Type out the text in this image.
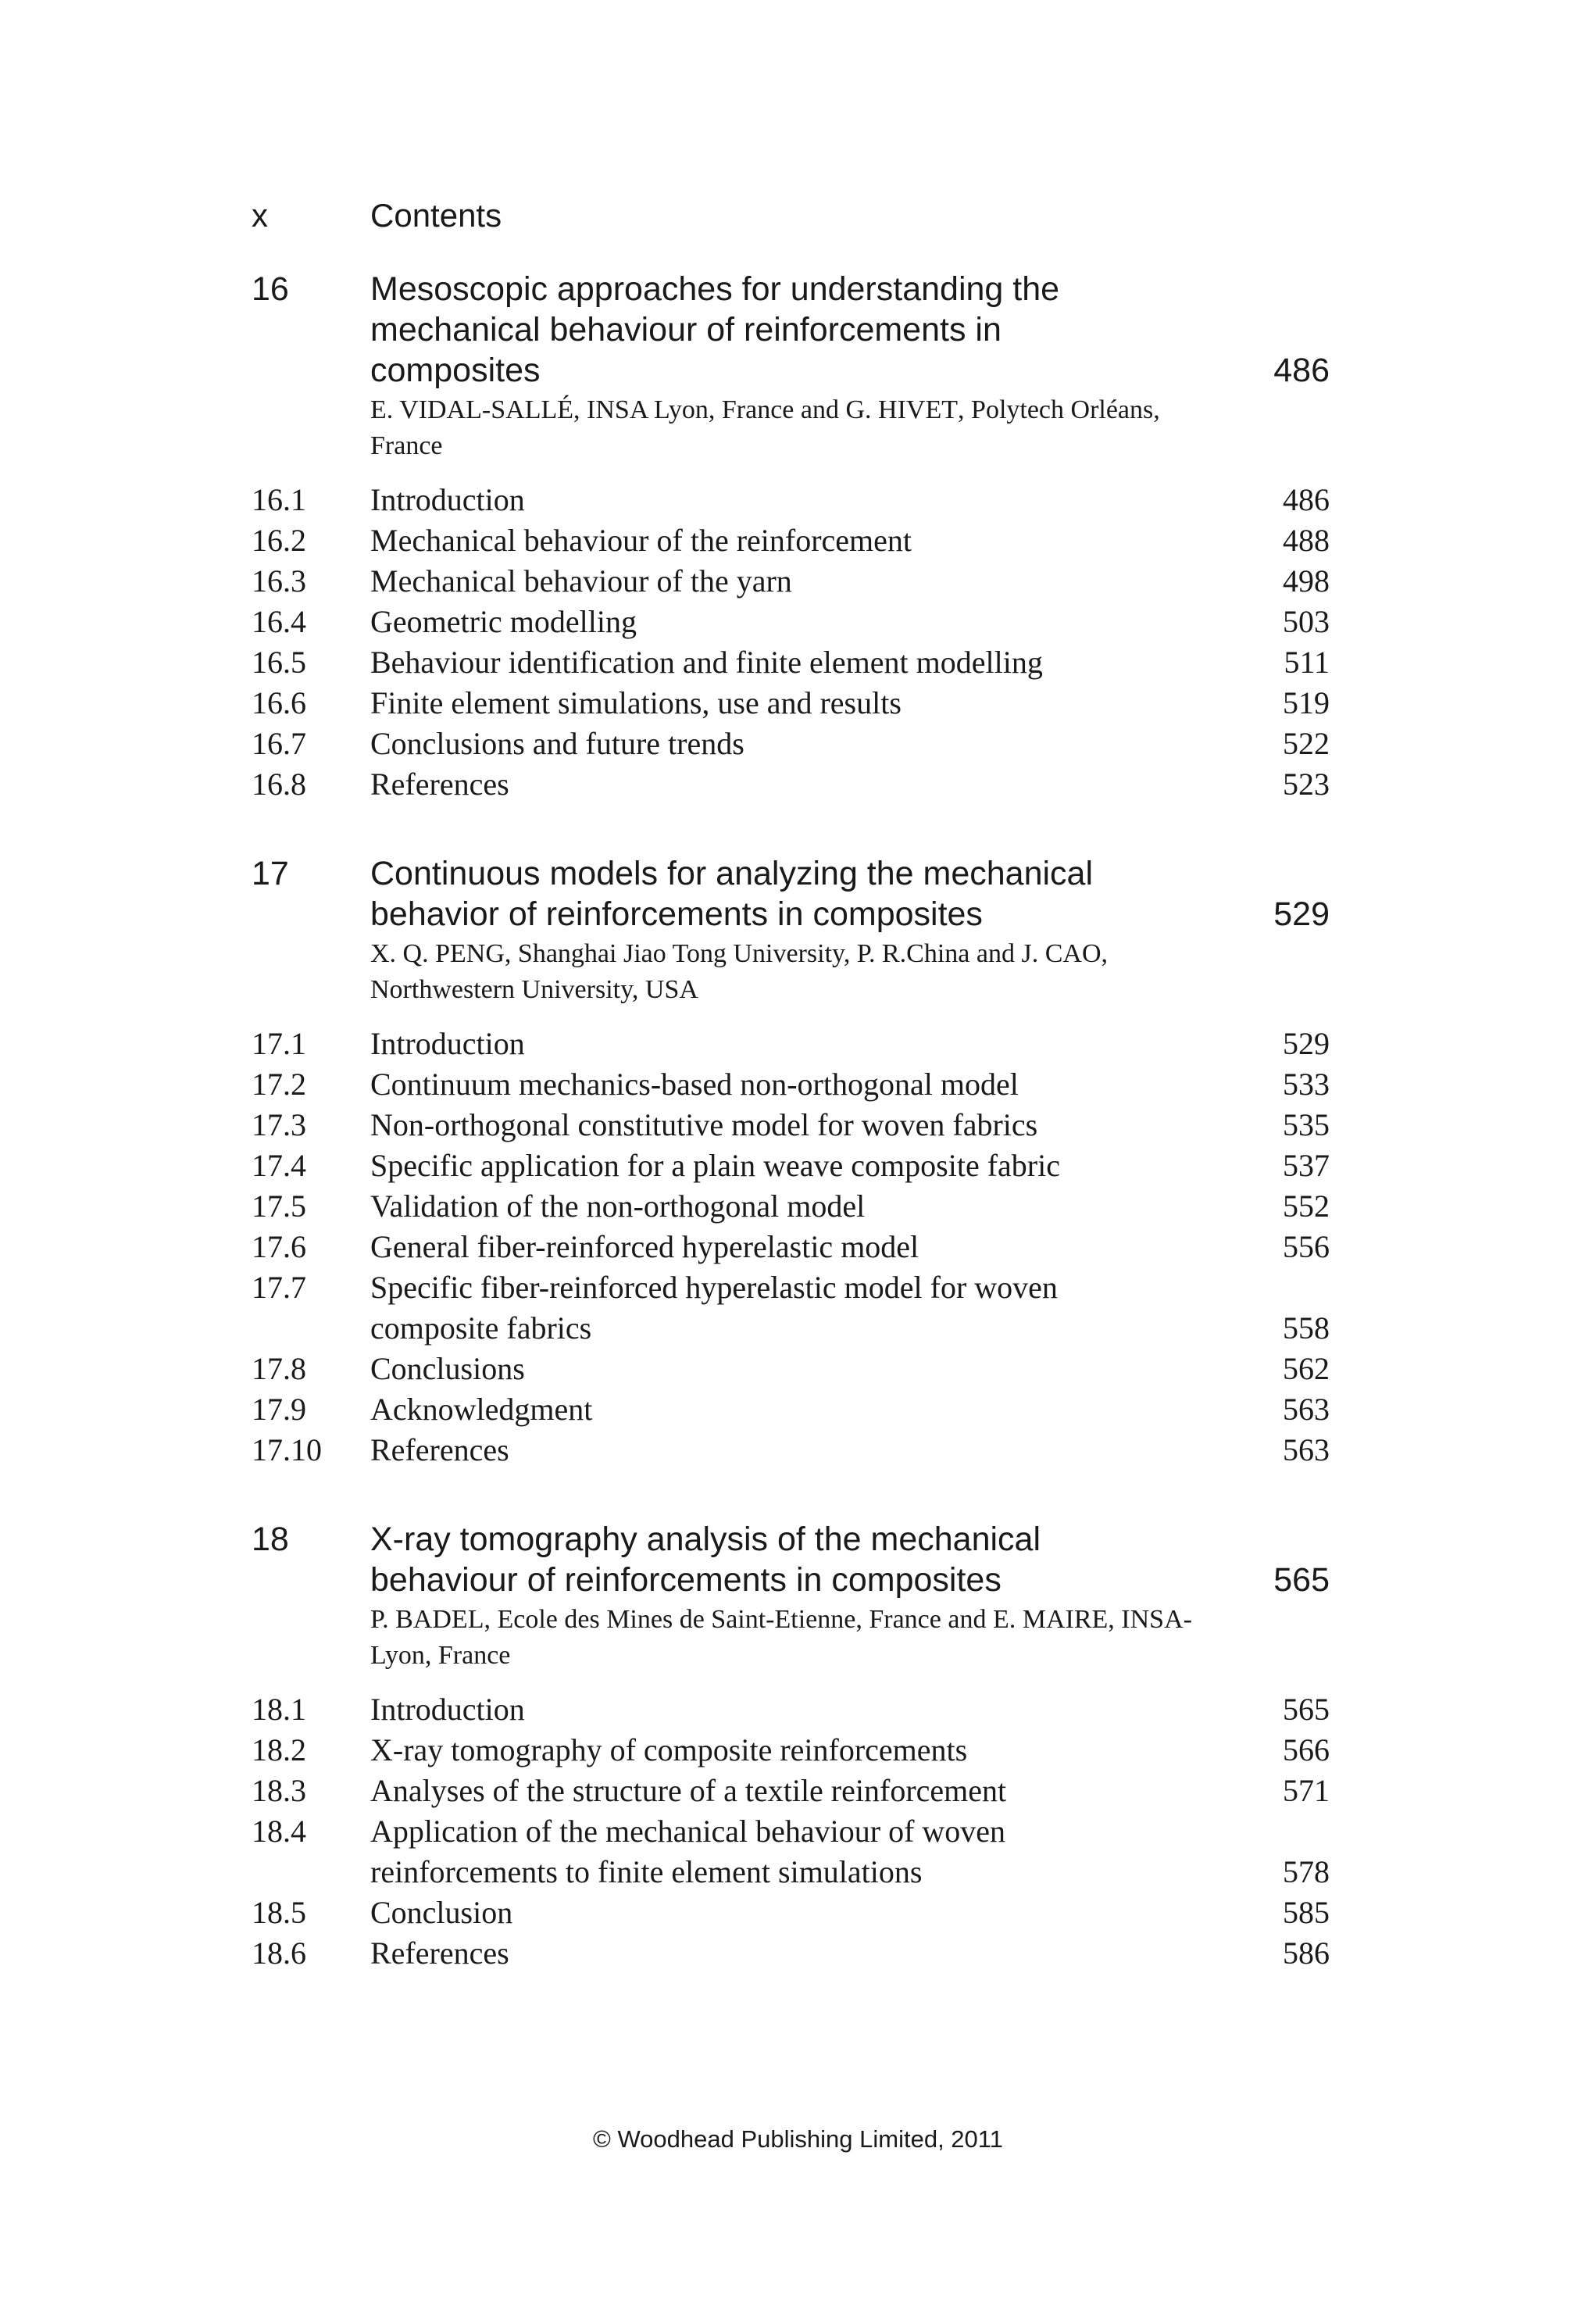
x	Contents
16 Mesoscopic approaches for understanding the
mechanical behaviour of reinforcements in
composites	486
E. VIDAL-SALLÉ, INSA Lyon, France and G. HIVET, Polytech Orléans, France
16.1 Introduction	486
16.2 Mechanical behaviour of the reinforcement	488
16.3 Mechanical behaviour of the yarn	498
16.4 Geometric modelling	503
16.5 Behaviour identification and finite element modelling	511
16.6 Finite element simulations, use and results	519
16.7 Conclusions and future trends	522
16.8 References	523
17 Continuous models for analyzing the mechanical
behavior of reinforcements in composites	529
X. Q. PENG, Shanghai Jiao Tong University, P. R.China and J. CAO, Northwestern University, USA
17.1 Introduction	529
17.2 Continuum mechanics-based non-orthogonal model	533
17.3 Non-orthogonal constitutive model for woven fabrics	535
17.4 Specific application for a plain weave composite fabric	537
17.5 Validation of the non-orthogonal model	552
17.6 General fiber-reinforced hyperelastic model	556
17.7 Specific fiber-reinforced hyperelastic model for woven
composite fabrics	558
17.8 Conclusions	562
17.9 Acknowledgment	563
17.10 References	563
18 X-ray tomography analysis of the mechanical
behaviour of reinforcements in composites	565
P. BADEL, Ecole des Mines de Saint-Etienne, France and E. MAIRE, INSA-Lyon, France
18.1 Introduction	565
18.2 X-ray tomography of composite reinforcements	566
18.3 Analyses of the structure of a textile reinforcement	571
18.4 Application of the mechanical behaviour of woven
reinforcements to finite element simulations	578
18.5 Conclusion	585
18.6 References	586
© Woodhead Publishing Limited, 2011
